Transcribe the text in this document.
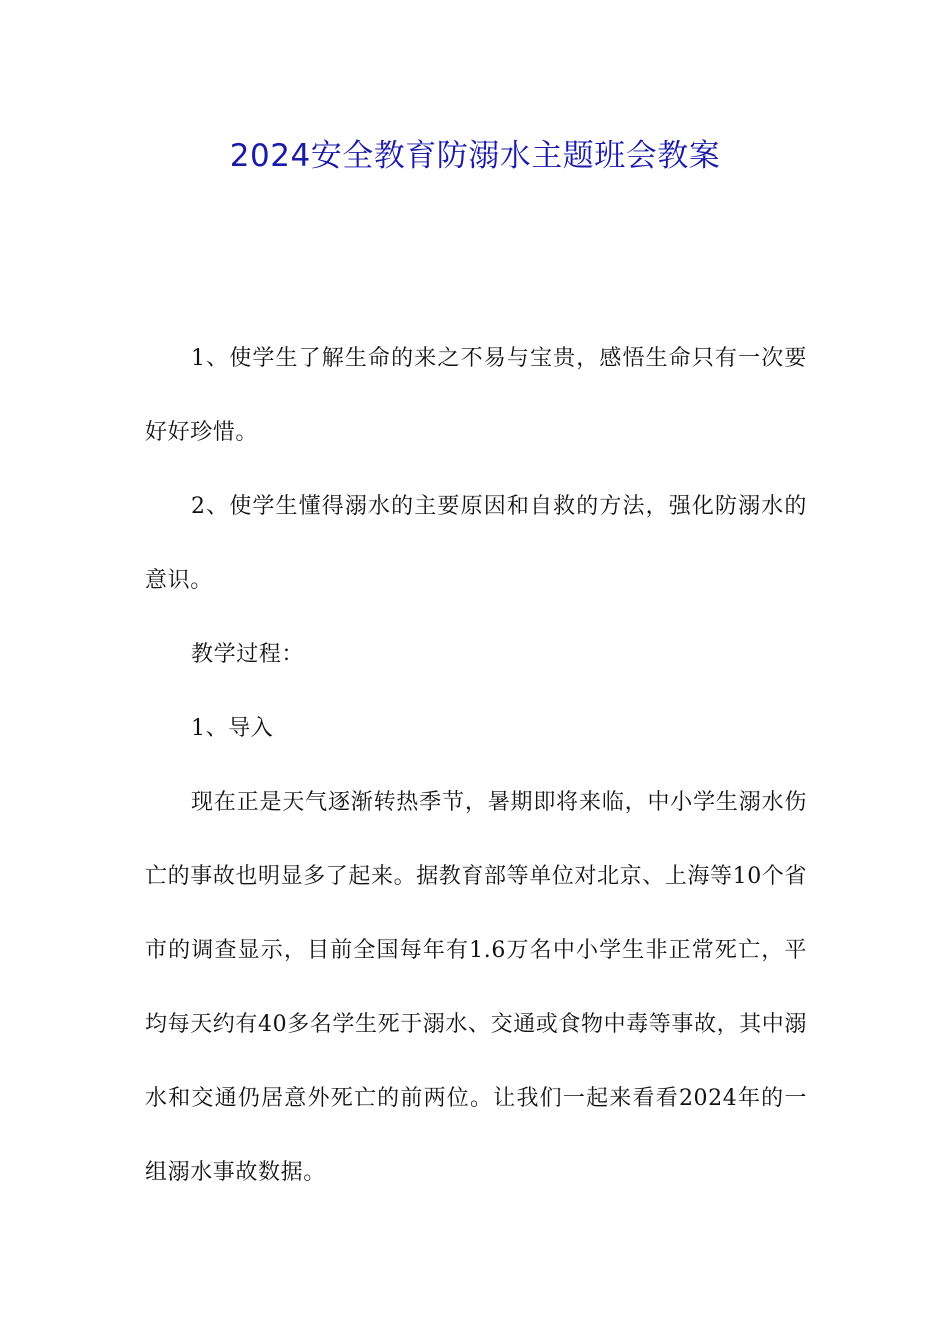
2024安全教育防溺水主题班会教案

1、使学生了解生命的来之不易与宝贵，感悟生命只有一次要好好珍惜。

2、使学生懂得溺水的主要原因和自救的方法，强化防溺水的意识。

教学过程：

1、导入

现在正是天气逐渐转热季节，暑期即将来临，中小学生溺水伤亡的事故也明显多了起来。据教育部等单位对北京、上海等10个省市的调查显示，目前全国每年有1.6万名中小学生非正常死亡，平均每天约有40多名学生死于溺水、交通或食物中毒等事故，其中溺水和交通仍居意外死亡的前两位。让我们一起来看看2024年的一组溺水事故数据。
